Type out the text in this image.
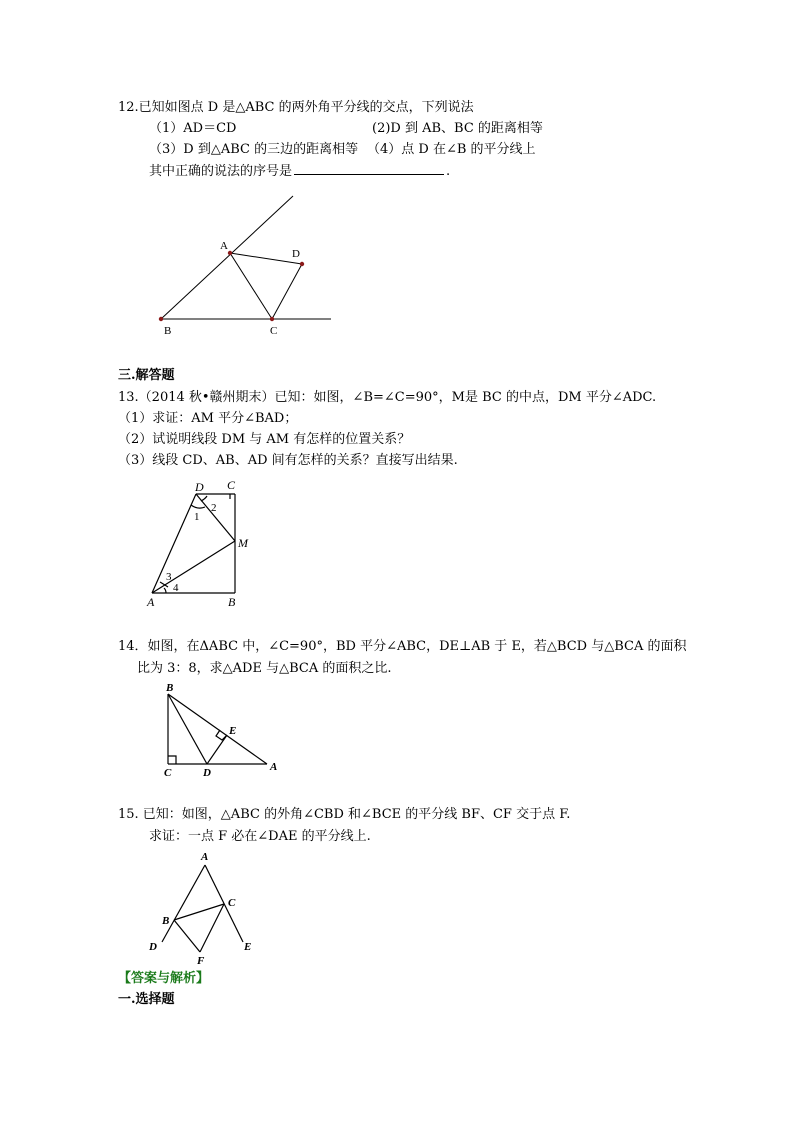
12.已知如图点 D 是△ABC 的两外角平分线的交点，下列说法
（1）AD＝CD	(2)D 到 AB、BC 的距离相等
（3）D 到△ABC 的三边的距离相等 （4）点 D 在∠B 的平分线上
其中正确的说法的序号是	.
A
D
B	C
D C
M
A	B
1
2
3
4
B
E
C	D	A
A
B
C
D	E
F
三.解答题
13.（2014 秋•赣州期末）已知：如图，∠B=∠C=90°，M是 BC 的中点，DM 平分∠ADC.
（1）求证：AM 平分∠BAD；
（2）试说明线段 DM 与 AM 有怎样的位置关系？
（3）线段 CD、AB、AD 间有怎样的关系？直接写出结果.
14．如图，在ΔABC 中，∠C=90°，BD 平分∠ABC，DE⊥AB 于 E，若△BCD 与△BCA 的面积
比为 3：8，求△ADE 与△BCA 的面积之比.
15. 已知：如图，△ABC 的外角∠CBD 和∠BCE 的平分线 BF、CF 交于点 F.
求证：一点 F 必在∠DAE 的平分线上.
【答案与解析】
一.选择题
